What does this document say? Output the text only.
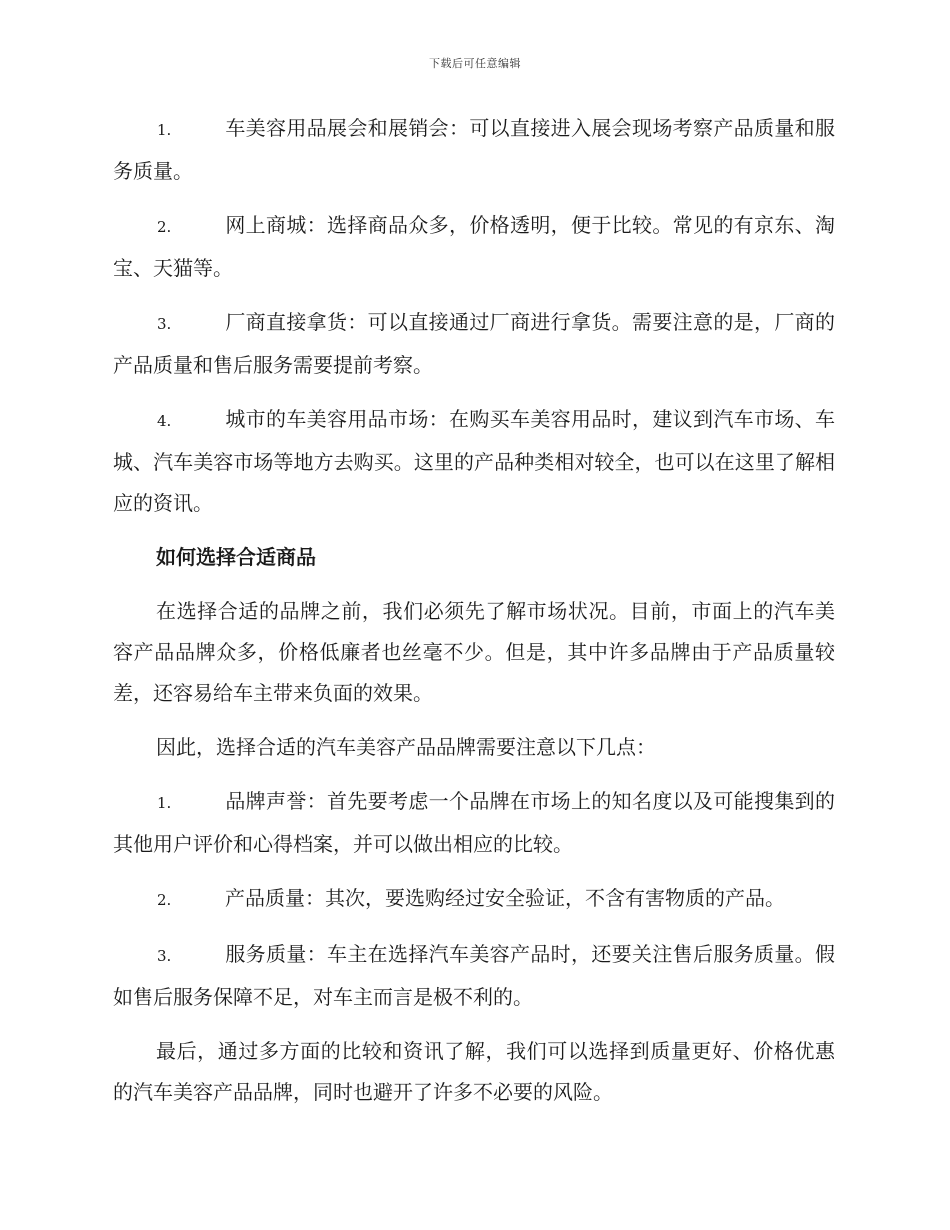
下载后可任意编辑

1.	车美容用品展会和展销会：可以直接进入展会现场考察产品质量和服务质量。

2.	网上商城：选择商品众多，价格透明，便于比较。常见的有京东、淘宝、天猫等。

3.	厂商直接拿货：可以直接通过厂商进行拿货。需要注意的是，厂商的产品质量和售后服务需要提前考察。

4.	城市的车美容用品市场：在购买车美容用品时，建议到汽车市场、车城、汽车美容市场等地方去购买。这里的产品种类相对较全，也可以在这里了解相应的资讯。

如何选择合适商品

在选择合适的品牌之前，我们必须先了解市场状况。目前，市面上的汽车美容产品品牌众多，价格低廉者也丝毫不少。但是，其中许多品牌由于产品质量较差，还容易给车主带来负面的效果。

因此，选择合适的汽车美容产品品牌需要注意以下几点：

1.	品牌声誉：首先要考虑一个品牌在市场上的知名度以及可能搜集到的其他用户评价和心得档案，并可以做出相应的比较。

2.	产品质量：其次，要选购经过安全验证，不含有害物质的产品。

3.	服务质量：车主在选择汽车美容产品时，还要关注售后服务质量。假如售后服务保障不足，对车主而言是极不利的。

最后，通过多方面的比较和资讯了解，我们可以选择到质量更好、价格优惠的汽车美容产品品牌，同时也避开了许多不必要的风险。
